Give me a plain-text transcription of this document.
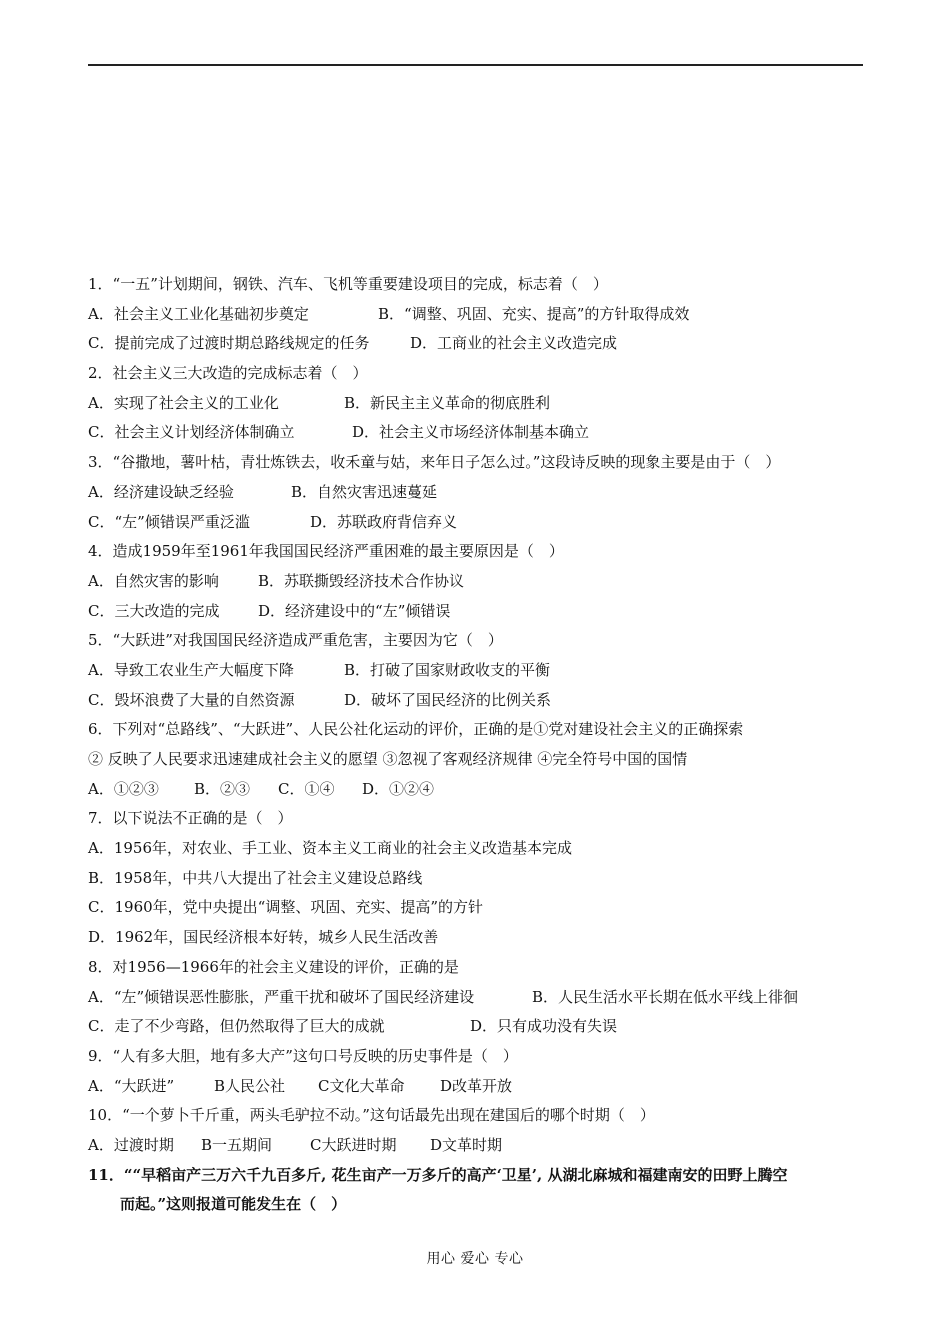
1．“一五”计划期间，钢铁、汽车、飞机等重要建设项目的完成，标志着（　）
A．社会主义工业化基础初步奠定	B．“调整、巩固、充实、提高”的方针取得成效
C．提前完成了过渡时期总路线规定的任务	D．工商业的社会主义改造完成
2．社会主义三大改造的完成标志着（　）
A．实现了社会主义的工业化	B．新民主主义革命的彻底胜利
C．社会主义计划经济体制确立	D．社会主义市场经济体制基本确立
3．“谷撒地，薯叶枯，青壮炼铁去，收禾童与姑，来年日子怎么过。”这段诗反映的现象主要是由于（　）
A．经济建设缺乏经验	B．自然灾害迅速蔓延
C．“左”倾错误严重泛滥	D．苏联政府背信弃义
4．造成1959年至1961年我国国民经济严重困难的最主要原因是（　）
A．自然灾害的影响	B．苏联撕毁经济技术合作协议
C．三大改造的完成	D．经济建设中的“左”倾错误
5．“大跃进”对我国国民经济造成严重危害，主要因为它（　）
A．导致工农业生产大幅度下降	B．打破了国家财政收支的平衡
C．毁坏浪费了大量的自然资源	D．破坏了国民经济的比例关系
6．下列对“总路线”、“大跃进”、人民公社化运动的评价，正确的是①党对建设社会主义的正确探索
② 反映了人民要求迅速建成社会主义的愿望 ③忽视了客观经济规律 ④完全符号中国的国情
A．①②③ B．②③ C．①④ D．①②④
7．以下说法不正确的是（　）
A．1956年，对农业、手工业、资本主义工商业的社会主义改造基本完成
B．1958年，中共八大提出了社会主义建设总路线
C．1960年，党中央提出“调整、巩固、充实、提高”的方针
D．1962年，国民经济根本好转，城乡人民生活改善
8．对1956—1966年的社会主义建设的评价，正确的是
A．“左”倾错误恶性膨胀，严重干扰和破坏了国民经济建设	B．人民生活水平长期在低水平线上徘徊
C．走了不少弯路，但仍然取得了巨大的成就	D．只有成功没有失误
9．“人有多大胆，地有多大产”这句口号反映的历史事件是（　）
A．“大跃进”	B人民公社 C文化大革命 D改革开放
10．“一个萝卜千斤重，两头毛驴拉不动。”这句话最先出现在建国后的哪个时期（　）
A．过渡时期 B一五期间	C大跃进时期 D文革时期
11．““早稻亩产三万六千九百多斤, 花生亩产一万多斤的高产‘卫星’, 从湖北麻城和福建南安的田野上腾空
而起。”这则报道可能发生在（　）
用心 爱心 专心
